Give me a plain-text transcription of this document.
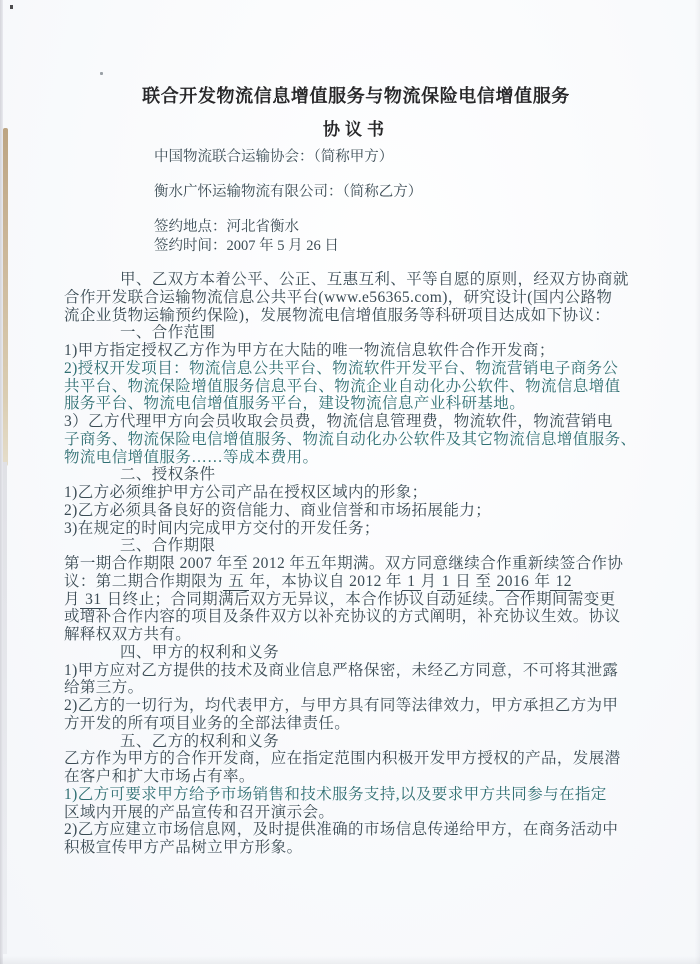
联合开发物流信息增值服务与物流保险电信增值服务
协议书
中国物流联合运输协会：（简称甲方）
衡水广怀运输物流有限公司：（简称乙方）
签约地点：河北省衡水
签约时间：2007 年 5 月 26 日
甲、乙双方本着公平、公正、互惠互利、平等自愿的原则，经双方协商就
合作开发联合运输物流信息公共平台(www.e56365.com)，研究设计(国内公路物
流企业货物运输预约保险)，发展物流电信增值服务等科研项目达成如下协议：
一、合作范围
1)甲方指定授权乙方作为甲方在大陆的唯一物流信息软件合作开发商；
2)授权开发项目：物流信息公共平台、物流软件开发平台、物流营销电子商务公
共平台、物流保险增值服务信息平台、物流企业自动化办公软件、物流信息增值
服务平台、物流电信增值服务平台，建设物流信息产业科研基地。
3）乙方代理甲方向会员收取会员费，物流信息管理费，物流软件，物流营销电
子商务、物流保险电信增值服务、物流自动化办公软件及其它物流信息增值服务、
物流电信增值服务……等成本费用。
二、授权条件
1)乙方必须维护甲方公司产品在授权区域内的形象；
2)乙方必须具备良好的资信能力、商业信誉和市场拓展能力；
3)在规定的时间内完成甲方交付的开发任务；
三、合作期限
第一期合作期限 2007 年至 2012 年五年期满。双方同意继续合作重新续签合作协
议：第二期合作期限为 五 年，本协议自 2012 年 1 月 1 日 至 2016 年 12
月 31 日终止；合同期满后双方无异议，本合作协议自动延续。合作期间需变更
或增补合作内容的项目及条件双方以补充协议的方式阐明，补充协议生效。协议
解释权双方共有。
四、甲方的权利和义务
1)甲方应对乙方提供的技术及商业信息严格保密，未经乙方同意，不可将其泄露
给第三方。
2)乙方的一切行为，均代表甲方，与甲方具有同等法律效力，甲方承担乙方为甲
方开发的所有项目业务的全部法律责任。
五、乙方的权利和义务
乙方作为甲方的合作开发商，应在指定范围内积极开发甲方授权的产品，发展潜
在客户和扩大市场占有率。
1)乙方可要求甲方给予市场销售和技术服务支持,以及要求甲方共同参与在指定
区域内开展的产品宣传和召开演示会。
2)乙方应建立市场信息网，及时提供准确的市场信息传递给甲方，在商务活动中
积极宣传甲方产品树立甲方形象。
